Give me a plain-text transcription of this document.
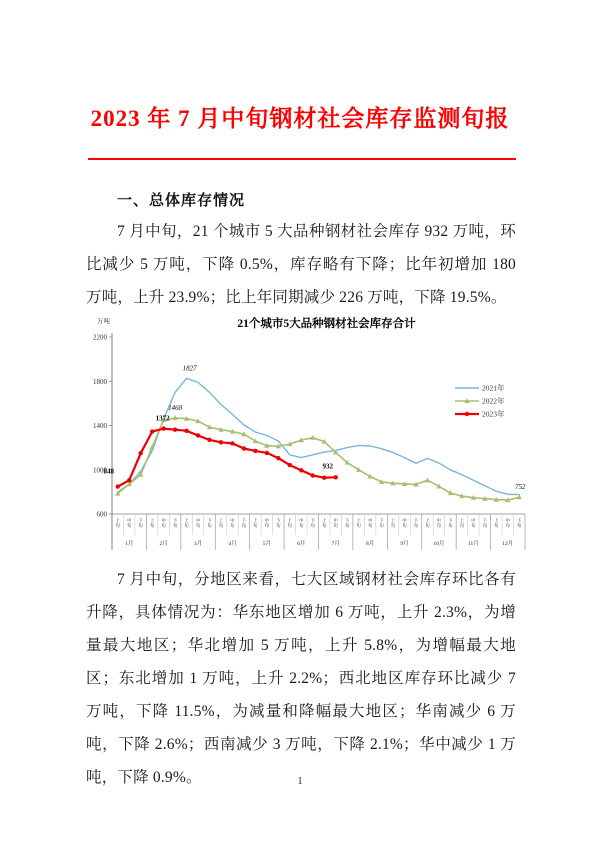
2023 年 7 月中旬钢材社会库存监测旬报
一、总体库存情况
7 月中旬，21 个城市 5 大品种钢材社会库存 932 万吨，环比减少 5 万吨，下降 0.5%，库存略有下降；比年初增加 180 万吨，上升 23.9%；比上年同期减少 226 万吨，下降 19.5%。
21个城市5大品种钢材社会库存合计
万吨
600
1000
1400
1800
2200
1月	2月	3月	4月	5月	6月	7月	8月	9月	10月	11月	12月
上旬
中旬
下旬
上旬
中旬
下旬
上旬
中旬
下旬
上旬
中旬
下旬
上旬
中旬
下旬
上旬
中旬
下旬
上旬
中旬
下旬
上旬
中旬
下旬
上旬
中旬
下旬
上旬
中旬
下旬
上旬
中旬
下旬
上旬
中旬
下旬
848
1372
932
1468
1827
752
2021年
2022年
2023年
7 月中旬，分地区来看，七大区域钢材社会库存环比各有升降，具体情况为：华东地区增加 6 万吨，上升 2.3%，为增量最大地区；华北增加 5 万吨，上升 5.8%，为增幅最大地区；东北增加 1 万吨，上升 2.2%；西北地区库存环比减少 7 万吨，下降 11.5%，为减量和降幅最大地区；华南减少 6 万吨，下降 2.6%；西南减少 3 万吨，下降 2.1%；华中减少 1 万吨，下降 0.9%。	1
